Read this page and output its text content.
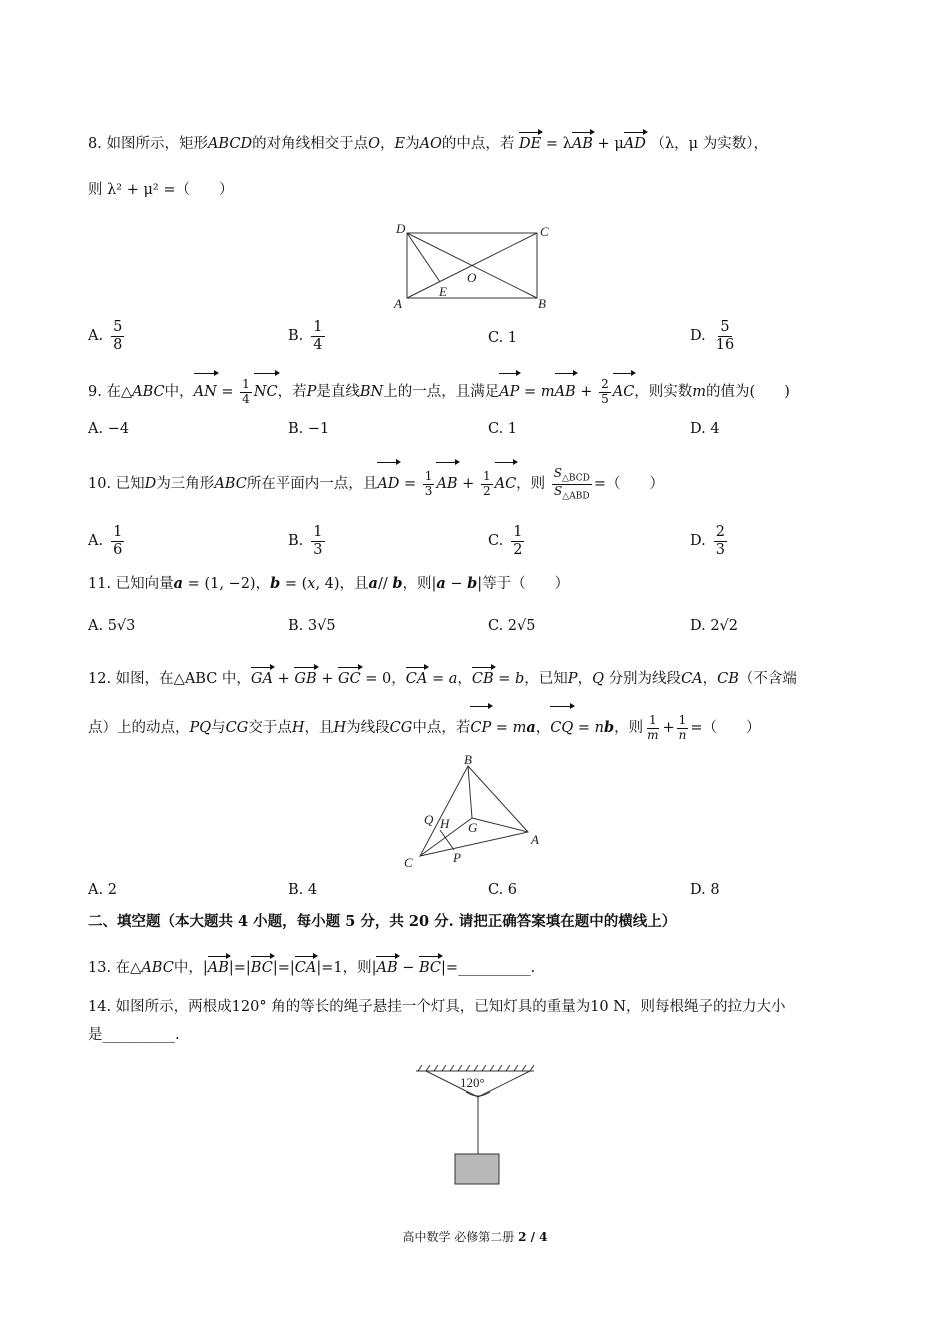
8. 如图所示，矩形ABCD的对角线相交于点O，E为AO的中点，若 DE = λAB + μAD （λ，μ 为实数），
则 λ² + μ² =（　　）
D	C
A	B
O
E
A. $\frac{5}{8}$	B. $\frac{1}{4}$	C. 1	D. $\frac{5}{16}$
9. 在△ABC中，AN = $\frac{1}{4}$ NC，若P是直线BN上的一点，且满足AP = mAB + $\frac{2}{5}$ AC，则实数m的值为(　　)
A. −4	B. −1	C. 1	D. 4
10. 已知D为三角形ABC所在平面内一点，且AD = $\frac{1}{3}$ AB + $\frac{1}{2}$ AC，则 $\frac{S_{\triangle BCD}}{S_{\triangle ABD}}$ =（　　）
A. $\frac{1}{6}$	B. $\frac{1}{3}$	C. $\frac{1}{2}$	D. $\frac{2}{3}$
11. 已知向量a = (1, −2)，b = (x, 4)，且a// b，则|a − b|等于（　　）
A. 5√3	B. 3√5	C. 2√5	D. 2√2
12. 如图，在△ABC 中，GA + GB + GC = 0，CA = a，CB = b，已知P，Q 分别为线段CA，CB（不含端
点）上的动点，PQ与CG交于点H，且H为线段CG中点，若CP = ma，CQ = nb，则 $\frac{1}{m} + \frac{1}{n}$ =（　　）
B
Q H G
A
C	P
A. 2	B. 4	C. 6	D. 8
二、填空题（本大题共 4 小题，每小题 5 分，共 20 分. 请把正确答案填在题中的横线上）
13. 在△ABC中，|AB|=|BC|=|CA|=1，则|AB − BC|=__________.
14. 如图所示，两根成120° 角的等长的绳子悬挂一个灯具，已知灯具的重量为10 N，则每根绳子的拉力大小
是__________.
120°
高中数学 必修第二册 2 / 4
